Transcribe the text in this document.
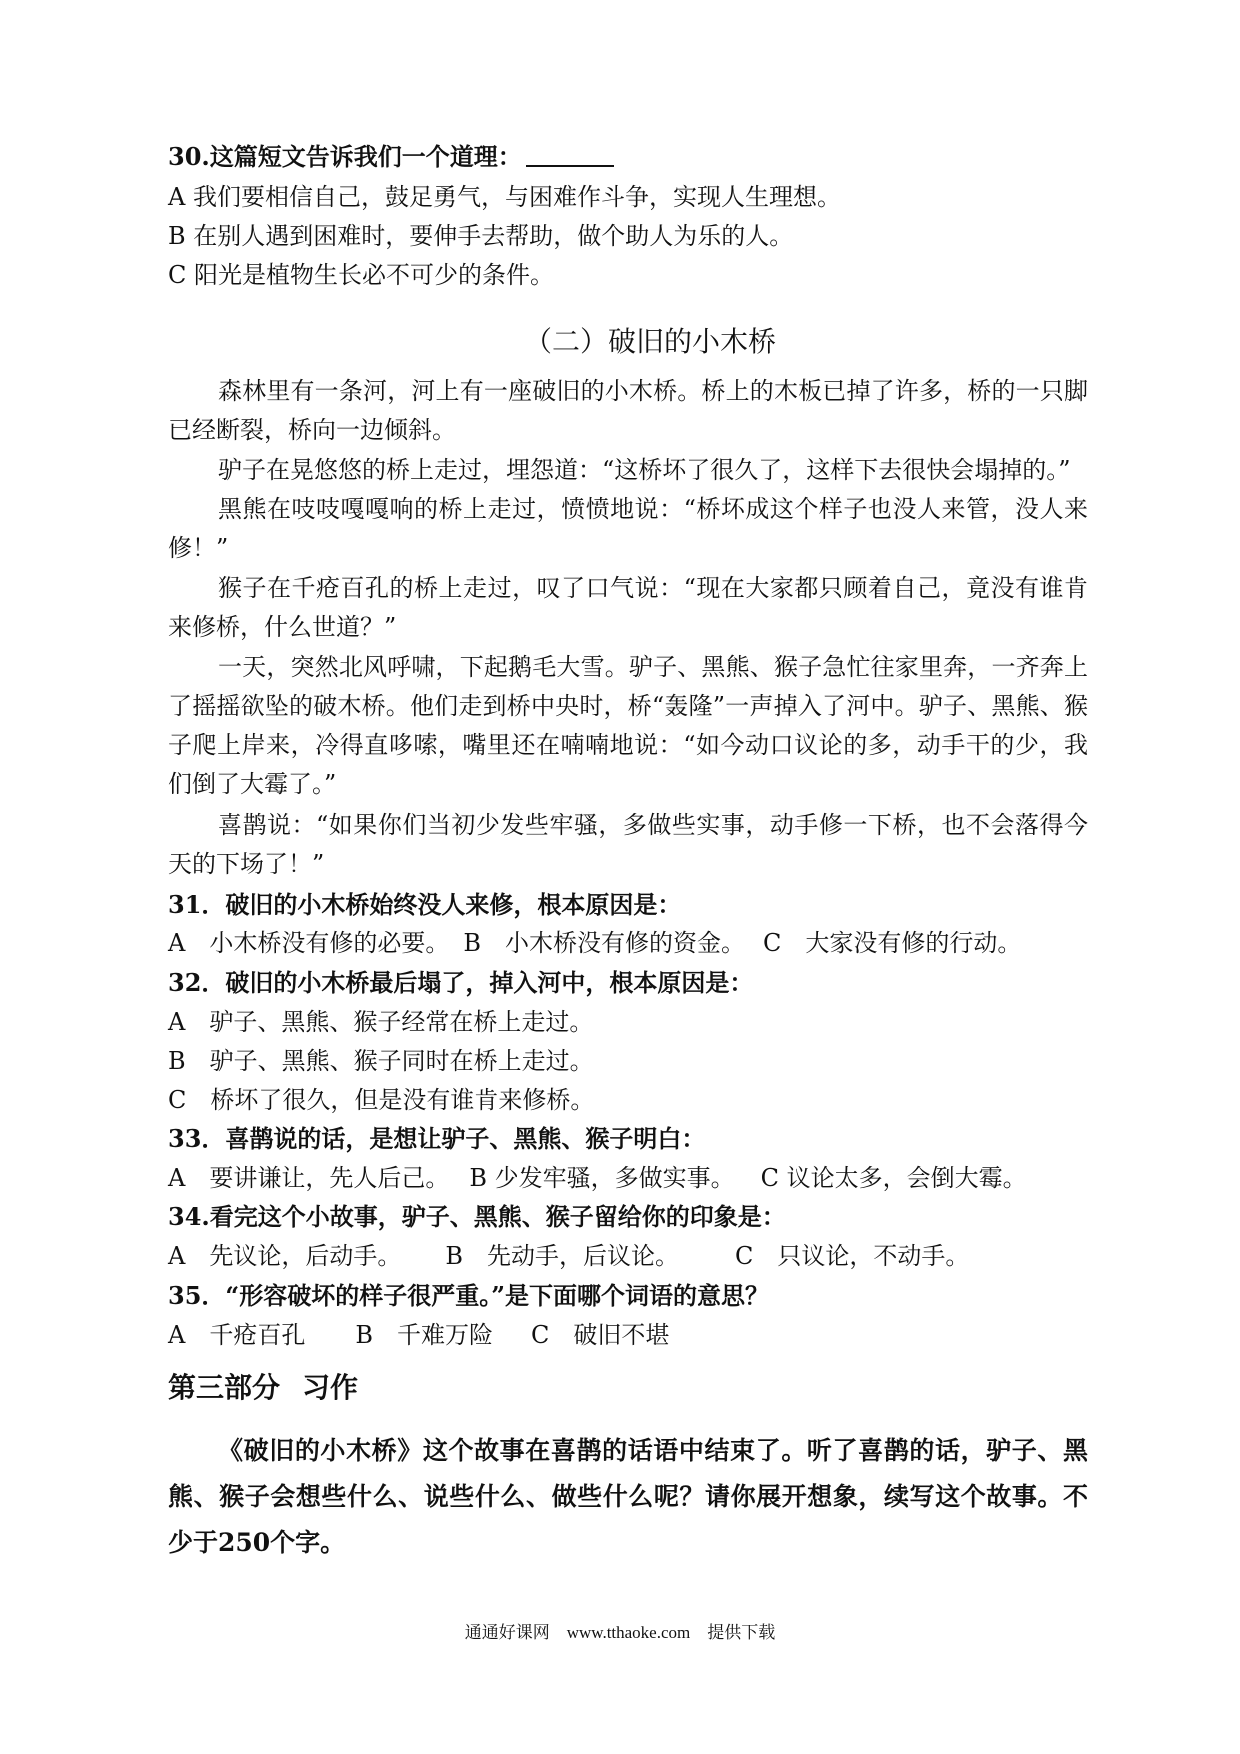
30.这篇短文告诉我们一个道理：
A 我们要相信自己，鼓足勇气，与困难作斗争，实现人生理想。
B 在别人遇到困难时，要伸手去帮助，做个助人为乐的人。
C 阳光是植物生长必不可少的条件。
（二）破旧的小木桥
森林里有一条河，河上有一座破旧的小木桥。桥上的木板已掉了许多，桥的一只脚已经断裂，桥向一边倾斜。
驴子在晃悠悠的桥上走过，埋怨道：“这桥坏了很久了，这样下去很快会塌掉的。”
黑熊在吱吱嘎嘎响的桥上走过，愤愤地说：“桥坏成这个样子也没人来管，没人来修！”
猴子在千疮百孔的桥上走过，叹了口气说：“现在大家都只顾着自己，竟没有谁肯来修桥，什么世道？”
一天，突然北风呼啸，下起鹅毛大雪。驴子、黑熊、猴子急忙往家里奔，一齐奔上了摇摇欲坠的破木桥。他们走到桥中央时，桥“轰隆”一声掉入了河中。驴子、黑熊、猴子爬上岸来，冷得直哆嗦，嘴里还在喃喃地说：“如今动口议论的多，动手干的少，我们倒了大霉了。”
喜鹊说：“如果你们当初少发些牢骚，多做些实事，动手修一下桥，也不会落得今天的下场了！”
31．破旧的小木桥始终没人来修，根本原因是：
A　小木桥没有修的必要。 B　小木桥没有修的资金。 C　大家没有修的行动。
32．破旧的小木桥最后塌了，掉入河中，根本原因是：
A　驴子、黑熊、猴子经常在桥上走过。
B　驴子、黑熊、猴子同时在桥上走过。
C　桥坏了很久，但是没有谁肯来修桥。
33．喜鹊说的话，是想让驴子、黑熊、猴子明白：
A　要讲谦让，先人后己。 B 少发牢骚，多做实事。 C 议论太多，会倒大霉。
34.看完这个小故事，驴子、黑熊、猴子留给你的印象是：
A　先议论，后动手。 B　先动手，后议论。 C　只议论，不动手。
35．“形容破坏的样子很严重。”是下面哪个词语的意思？
A　千疮百孔 B　千难万险 C　破旧不堪
第三部分 习作
《破旧的小木桥》这个故事在喜鹊的话语中结束了。听了喜鹊的话，驴子、黑熊、猴子会想些什么、说些什么、做些什么呢？请你展开想象，续写这个故事。不少于250个字。
通通好课网　www.tthaoke.com　提供下载
